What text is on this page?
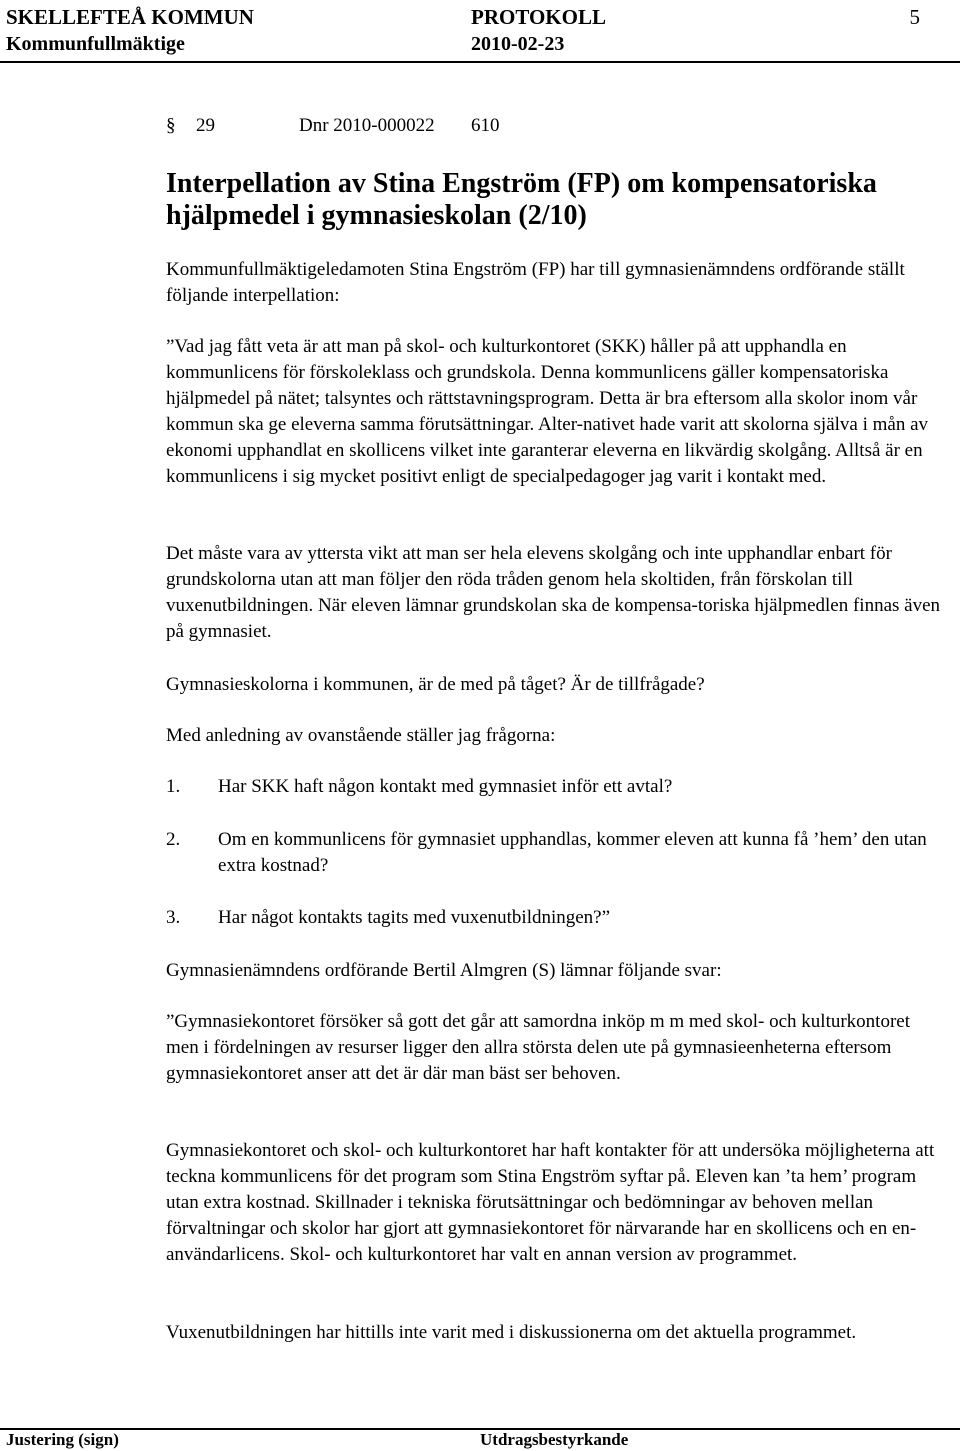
SKELLEFTEÅ KOMMUN	PROTOKOLL	5
Kommunfullmäktige	2010-02-23
§	29	Dnr 2010-000022	610
Interpellation av Stina Engström (FP) om kompensatoriska hjälpmedel i gymnasieskolan (2/10)

Kommunfullmäktigeledamoten Stina Engström (FP) har till gymnasienämndens ordförande ställt följande interpellation:

”Vad jag fått veta är att man på skol- och kulturkontoret (SKK) håller på att upphandla en kommunlicens för förskoleklass och grundskola. Denna kommunlicens gäller kompensatoriska hjälpmedel på nätet; talsyntes och rättstavningsprogram. Detta är bra eftersom alla skolor inom vår kommun ska ge eleverna samma förutsättningar. Alter-nativet hade varit att skolorna själva i mån av ekonomi upphandlat en skollicens vilket inte garanterar eleverna en likvärdig skolgång. Alltså är en kommunlicens i sig mycket positivt enligt de specialpedagoger jag varit i kontakt med.

Det måste vara av yttersta vikt att man ser hela elevens skolgång och inte upphandlar enbart för grundskolorna utan att man följer den röda tråden genom hela skoltiden, från förskolan till vuxenutbildningen. När eleven lämnar grundskolan ska de kompensa-toriska hjälpmedlen finnas även på gymnasiet.

Gymnasieskolorna i kommunen, är de med på tåget? Är de tillfrågade?

Med anledning av ovanstående ställer jag frågorna:

1. Har SKK haft någon kontakt med gymnasiet inför ett avtal?
2. Om en kommunlicens för gymnasiet upphandlas, kommer eleven att kunna få ’hem’ den utan extra kostnad?
3. Har något kontakts tagits med vuxenutbildningen?”

Gymnasienämndens ordförande Bertil Almgren (S) lämnar följande svar:

”Gymnasiekontoret försöker så gott det går att samordna inköp m m med skol- och kulturkontoret men i fördelningen av resurser ligger den allra största delen ute på gymnasieenheterna eftersom gymnasiekontoret anser att det är där man bäst ser behoven.

Gymnasiekontoret och skol- och kulturkontoret har haft kontakter för att undersöka möjligheterna att teckna kommunlicens för det program som Stina Engström syftar på. Eleven kan ’ta hem’ program utan extra kostnad. Skillnader i tekniska förutsättningar och bedömningar av behoven mellan förvaltningar och skolor har gjort att gymnasiekontoret för närvarande har en skollicens och en en-användarlicens. Skol- och kulturkontoret har valt en annan version av programmet.

Vuxenutbildningen har hittills inte varit med i diskussionerna om det aktuella programmet.

Justering (sign)	Utdragsbestyrkande
